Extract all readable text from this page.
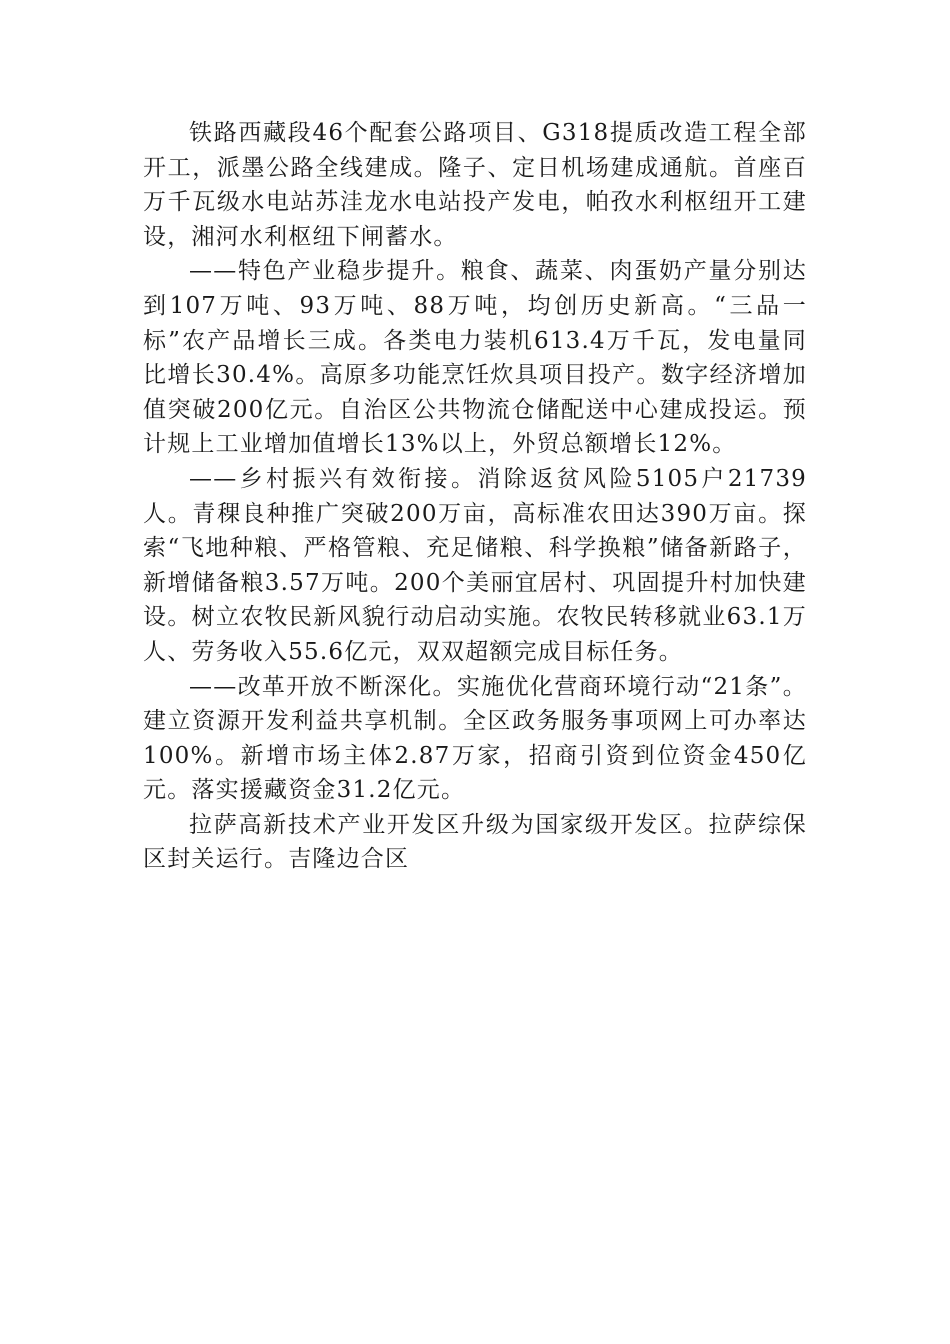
铁路西藏段46个配套公路项目、G318提质改造工程全部开工，派墨公路全线建成。隆子、定日机场建成通航。首座百万千瓦级水电站苏洼龙水电站投产发电，帕孜水利枢纽开工建设，湘河水利枢纽下闸蓄水。

——特色产业稳步提升。粮食、蔬菜、肉蛋奶产量分别达到107万吨、93万吨、88万吨，均创历史新高。“三品一标”农产品增长三成。各类电力装机613.4万千瓦，发电量同比增长30.4%。高原多功能烹饪炊具项目投产。数字经济增加值突破200亿元。自治区公共物流仓储配送中心建成投运。预计规上工业增加值增长13%以上，外贸总额增长12%。

——乡村振兴有效衔接。消除返贫风险5105户21739人。青稞良种推广突破200万亩，高标准农田达390万亩。探索“飞地种粮、严格管粮、充足储粮、科学换粮”储备新路子，新增储备粮3.57万吨。200个美丽宜居村、巩固提升村加快建设。树立农牧民新风貌行动启动实施。农牧民转移就业63.1万人、劳务收入55.6亿元，双双超额完成目标任务。

——改革开放不断深化。实施优化营商环境行动“21条”。建立资源开发利益共享机制。全区政务服务事项网上可办率达100%。新增市场主体2.87万家，招商引资到位资金450亿元。落实援藏资金31.2亿元。

拉萨高新技术产业开发区升级为国家级开发区。拉萨综保区封关运行。吉隆边合区
